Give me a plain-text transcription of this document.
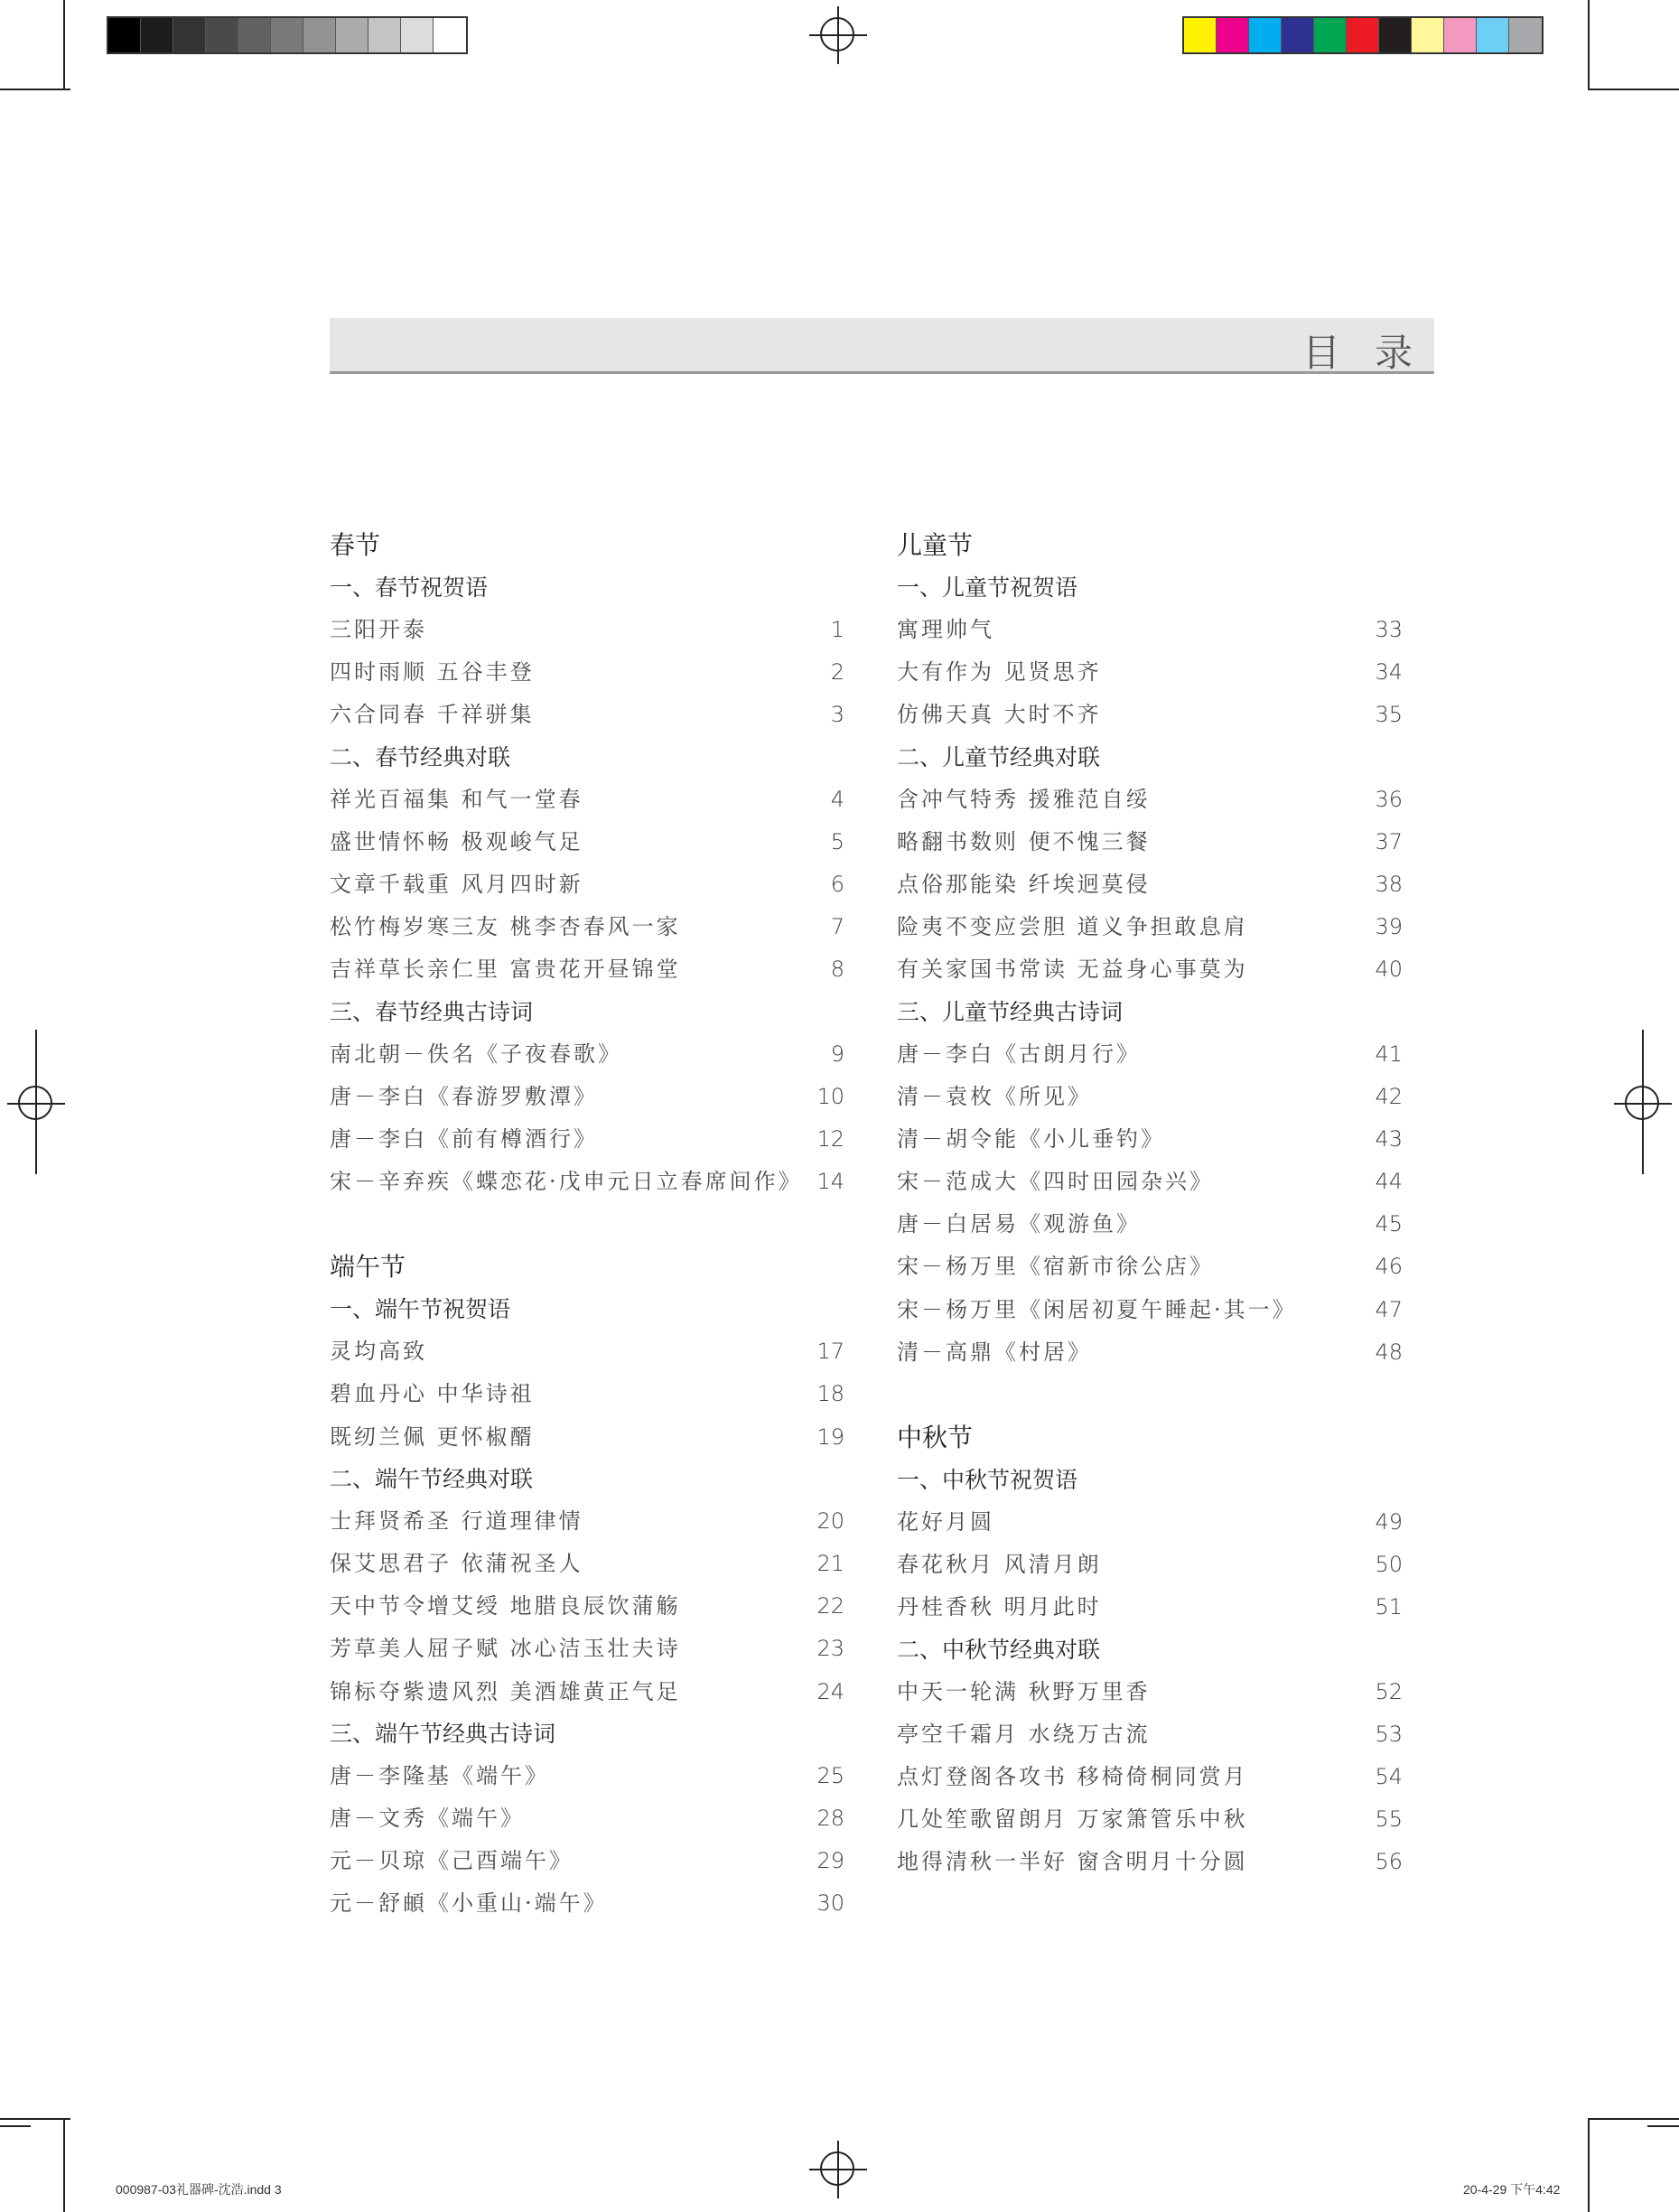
目录
春节
一、春节祝贺语
三阳开泰	1
四时雨顺 五谷丰登	2
六合同春 千祥骈集	3
二、春节经典对联
祥光百福集 和气一堂春	4
盛世情怀畅 极观峻气足	5
文章千载重 风月四时新	6
松竹梅岁寒三友 桃李杏春风一家	7
吉祥草长亲仁里 富贵花开昼锦堂	8
三、春节经典古诗词
南北朝－佚名《子夜春歌》	9
唐－李白《春游罗敷潭》	10
唐－李白《前有樽酒行》	12
宋－辛弃疾《蝶恋花·戊申元日立春席间作》 14
端午节
一、端午节祝贺语
灵均高致	17
碧血丹心 中华诗祖	18
既纫兰佩 更怀椒醑	19
二、端午节经典对联
士拜贤希圣 行道理律情	20
保艾思君子 依蒲祝圣人	21
天中节令增艾绶 地腊良辰饮蒲觞	22
芳草美人屈子赋 冰心洁玉壮夫诗	23
锦标夺紫遗风烈 美酒雄黄正气足	24
三、端午节经典古诗词
唐－李隆基《端午》	25
唐－文秀《端午》	28
元－贝琼《己酉端午》	29
元－舒頔《小重山·端午》	30
儿童节
一、儿童节祝贺语
寓理帅气	33
大有作为 见贤思齐	34
仿佛天真 大时不齐	35
二、儿童节经典对联
含冲气特秀 援雅范自绥	36
略翻书数则 便不愧三餐	37
点俗那能染 纤埃迥莫侵	38
险夷不变应尝胆 道义争担敢息肩	39
有关家国书常读 无益身心事莫为	40
三、儿童节经典古诗词
唐－李白《古朗月行》	41
清－袁枚《所见》	42
清－胡令能《小儿垂钓》	43
宋－范成大《四时田园杂兴》	44
唐－白居易《观游鱼》	45
宋－杨万里《宿新市徐公店》	46
宋－杨万里《闲居初夏午睡起·其一》	47
清－高鼎《村居》	48
中秋节
一、中秋节祝贺语
花好月圆	49
春花秋月 风清月朗	50
丹桂香秋 明月此时	51
二、中秋节经典对联
中天一轮满 秋野万里香	52
亭空千霜月 水绕万古流	53
点灯登阁各攻书 移椅倚桐同赏月	54
几处笙歌留朗月 万家箫管乐中秋	55
地得清秋一半好 窗含明月十分圆	56
000987-03礼器碑-沈浩.indd 3	20-4-29 下午4:42
